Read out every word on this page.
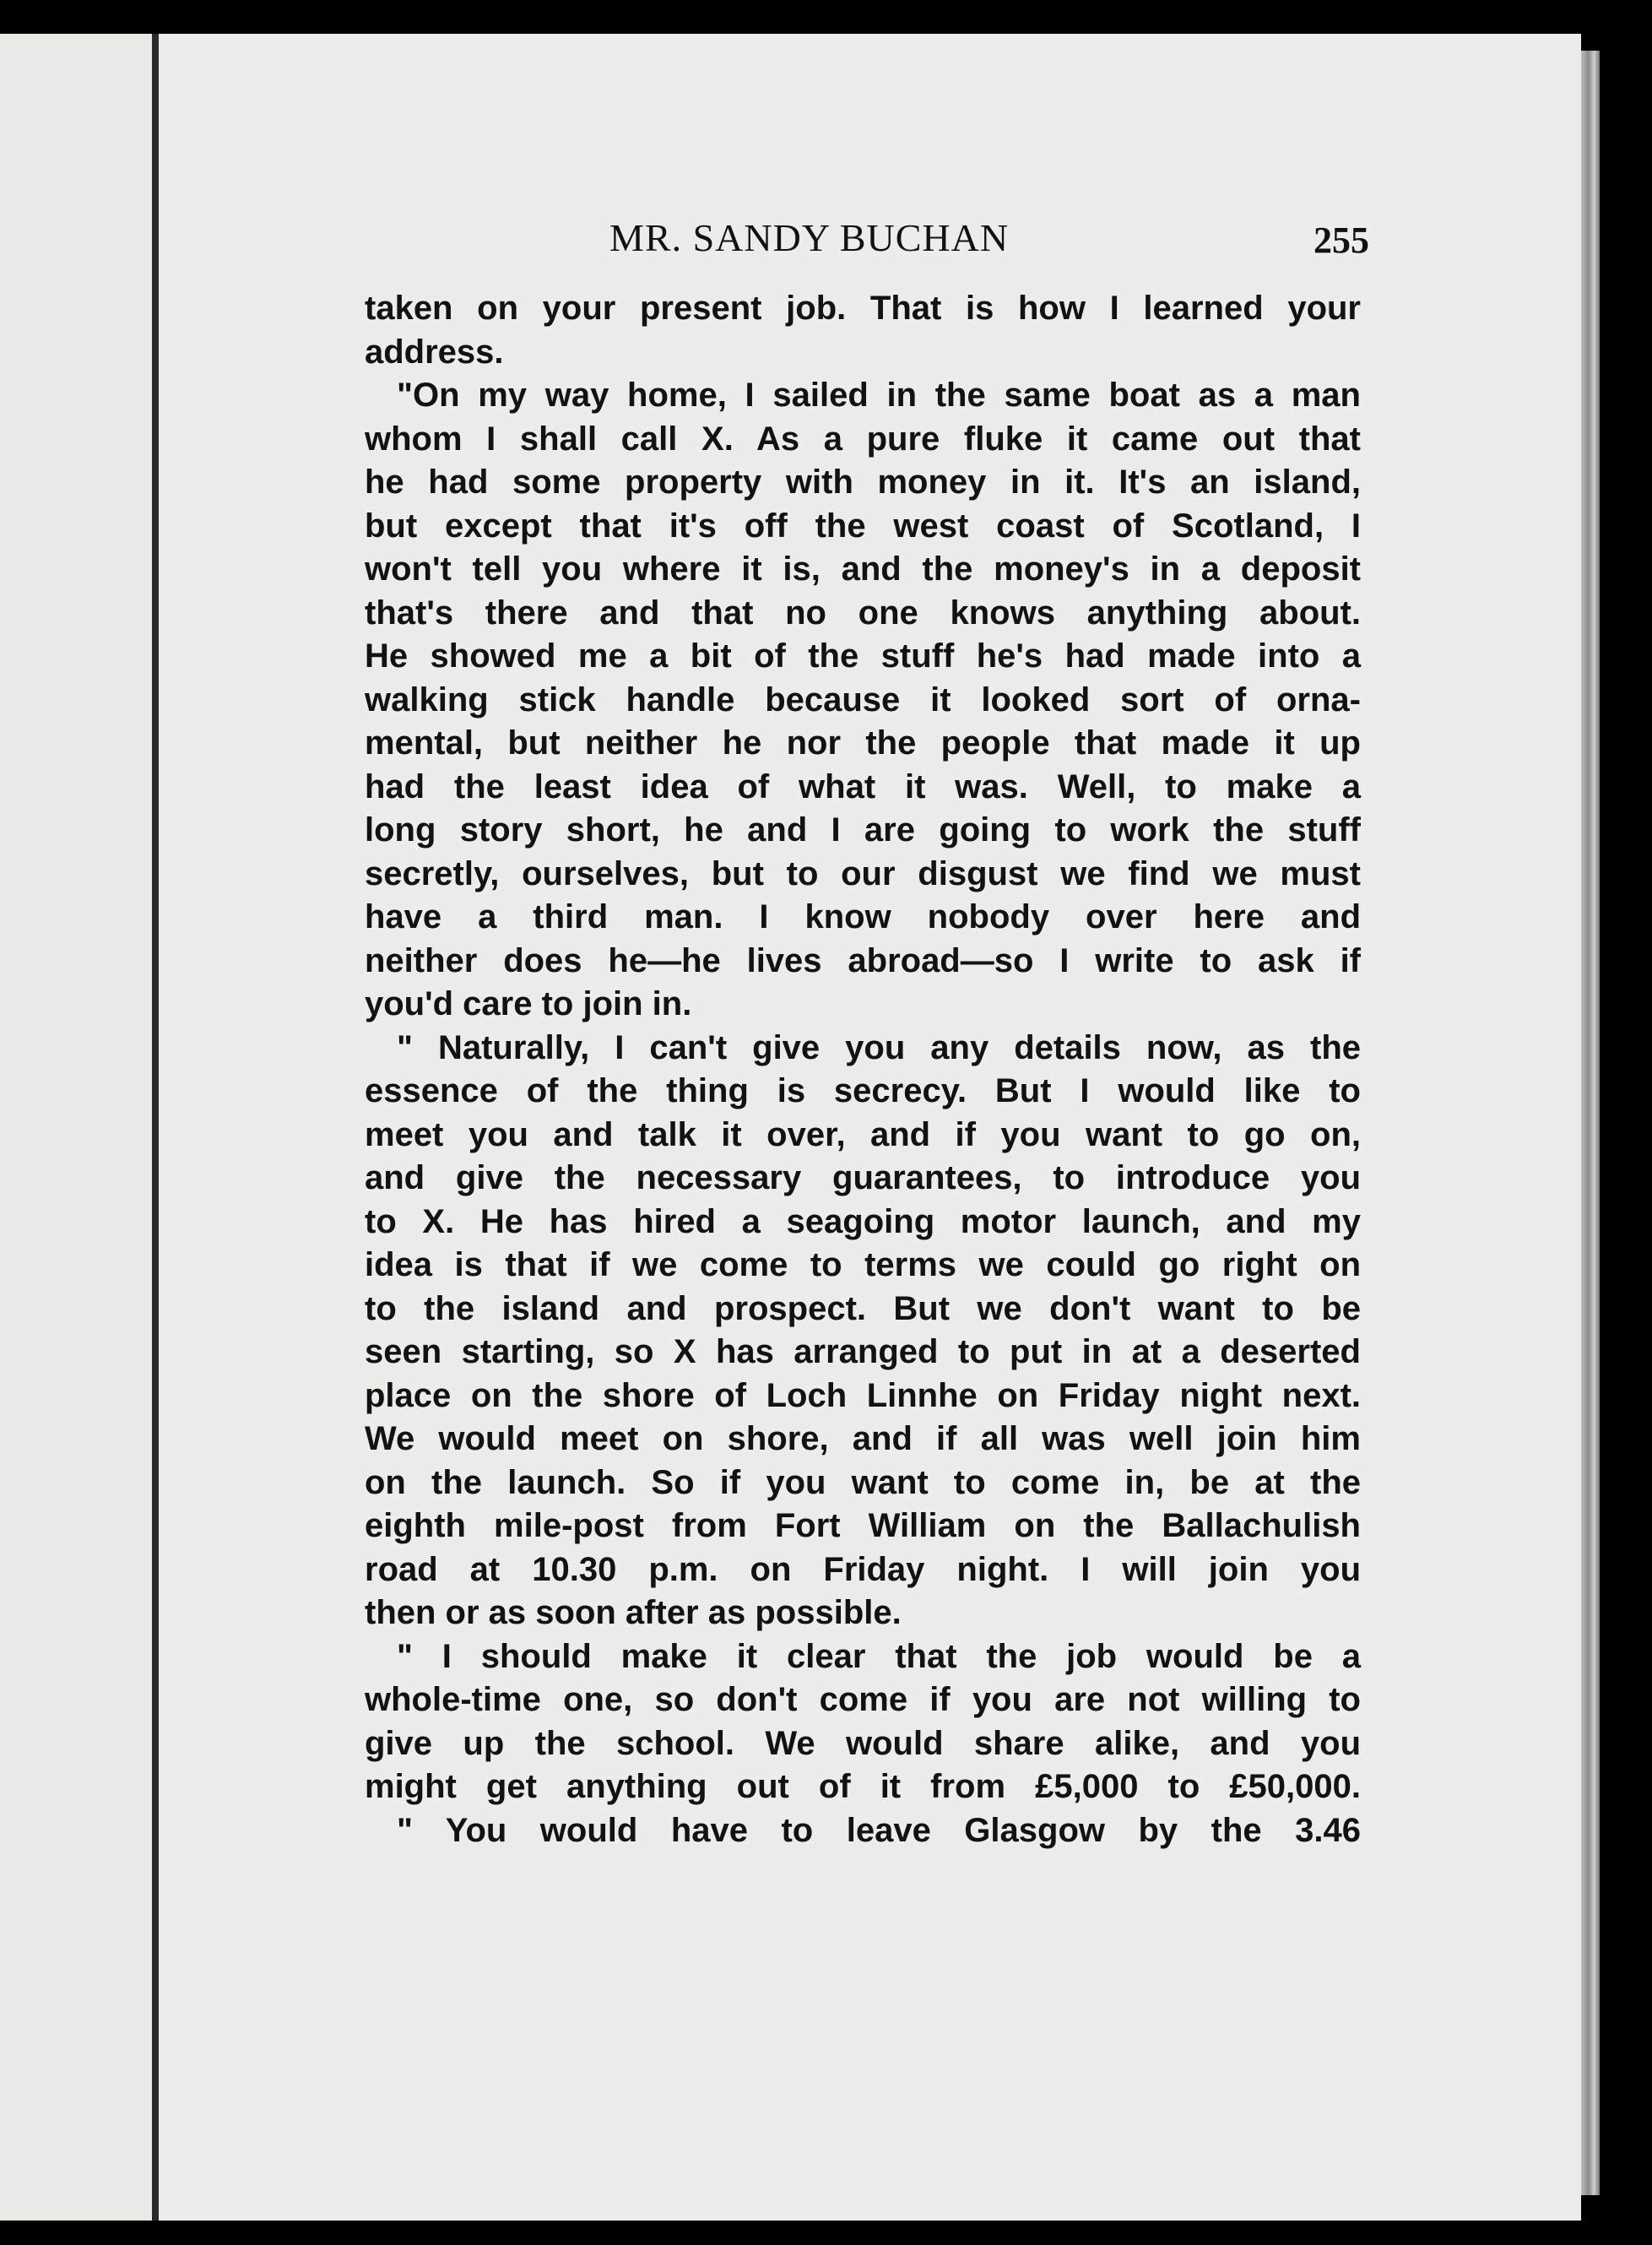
MR. SANDY BUCHAN	255
taken on your present job. That is how I learned your
address.
"On my way home, I sailed in the same boat as a man
whom I shall call X. As a pure fluke it came out that
he had some property with money in it. It's an island,
but except that it's off the west coast of Scotland, I
won't tell you where it is, and the money's in a deposit
that's there and that no one knows anything about.
He showed me a bit of the stuff he's had made into a
walking stick handle because it looked sort of orna-
mental, but neither he nor the people that made it up
had the least idea of what it was. Well, to make a
long story short, he and I are going to work the stuff
secretly, ourselves, but to our disgust we find we must
have a third man. I know nobody over here and
neither does he—he lives abroad—so I write to ask if
you'd care to join in.
" Naturally, I can't give you any details now, as the
essence of the thing is secrecy. But I would like to
meet you and talk it over, and if you want to go on,
and give the necessary guarantees, to introduce you
to X. He has hired a seagoing motor launch, and my
idea is that if we come to terms we could go right on
to the island and prospect. But we don't want to be
seen starting, so X has arranged to put in at a deserted
place on the shore of Loch Linnhe on Friday night next.
We would meet on shore, and if all was well join him
on the launch. So if you want to come in, be at the
eighth mile-post from Fort William on the Ballachulish
road at 10.30 p.m. on Friday night. I will join you
then or as soon after as possible.
" I should make it clear that the job would be a
whole-time one, so don't come if you are not willing to
give up the school. We would share alike, and you
might get anything out of it from £5,000 to £50,000.
" You would have to leave Glasgow by the 3.46
